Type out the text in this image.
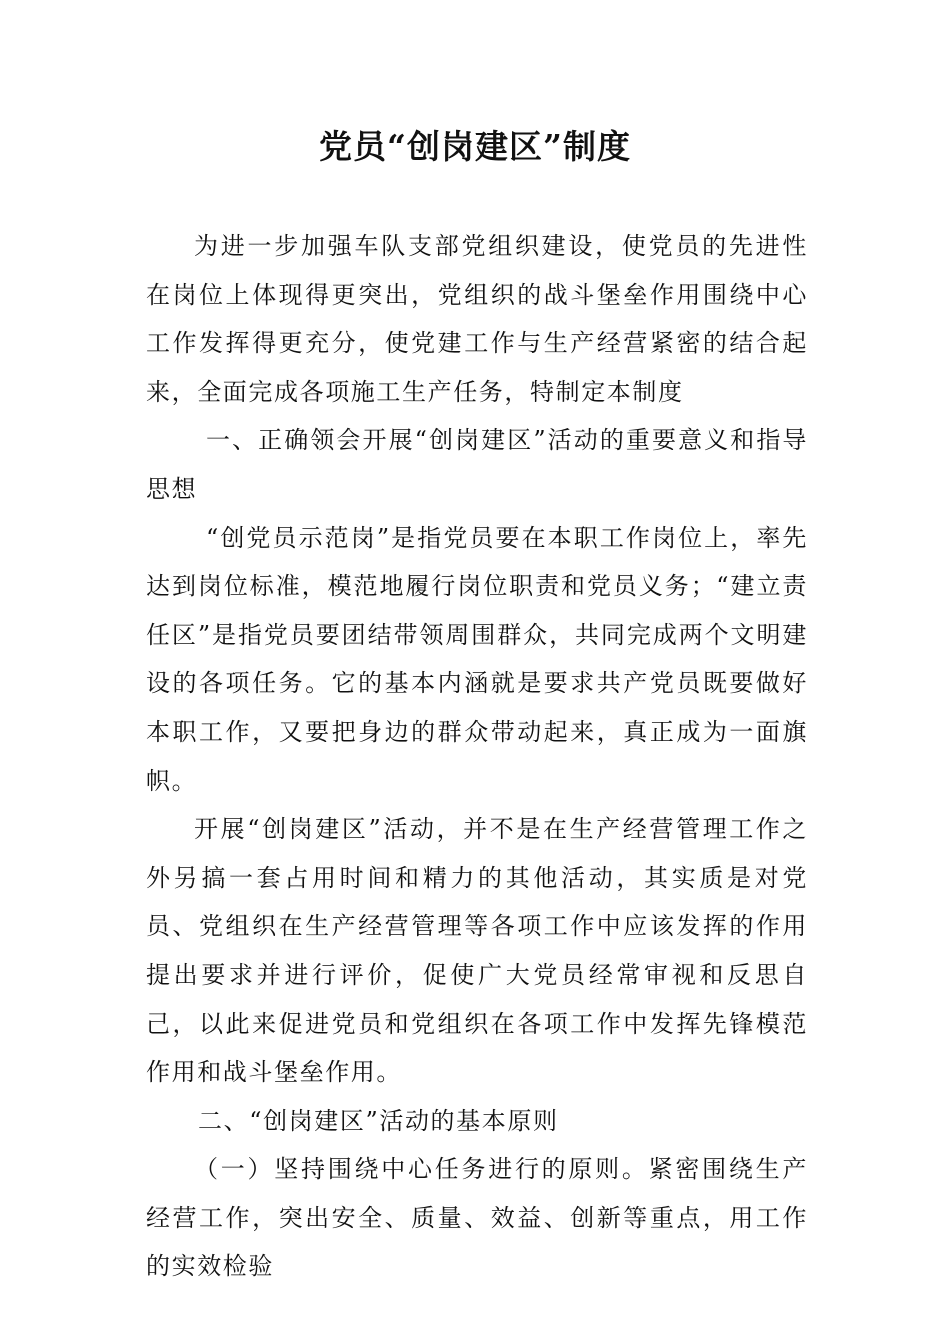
党员“创岗建区”制度

为进一步加强车队支部党组织建设，使党员的先进性在岗位上体现得更突出，党组织的战斗堡垒作用围绕中心工作发挥得更充分，使党建工作与生产经营紧密的结合起来，全面完成各项施工生产任务，特制定本制度

一、正确领会开展“创岗建区”活动的重要意义和指导思想

“创党员示范岗”是指党员要在本职工作岗位上，率先达到岗位标准，模范地履行岗位职责和党员义务；“建立责任区”是指党员要团结带领周围群众，共同完成两个文明建设的各项任务。它的基本内涵就是要求共产党员既要做好本职工作，又要把身边的群众带动起来，真正成为一面旗帜。

开展“创岗建区”活动，并不是在生产经营管理工作之外另搞一套占用时间和精力的其他活动，其实质是对党员、党组织在生产经营管理等各项工作中应该发挥的作用提出要求并进行评价，促使广大党员经常审视和反思自己，以此来促进党员和党组织在各项工作中发挥先锋模范作用和战斗堡垒作用。

二、“创岗建区”活动的基本原则

（一）坚持围绕中心任务进行的原则。紧密围绕生产经营工作，突出安全、质量、效益、创新等重点，用工作的实效检验
